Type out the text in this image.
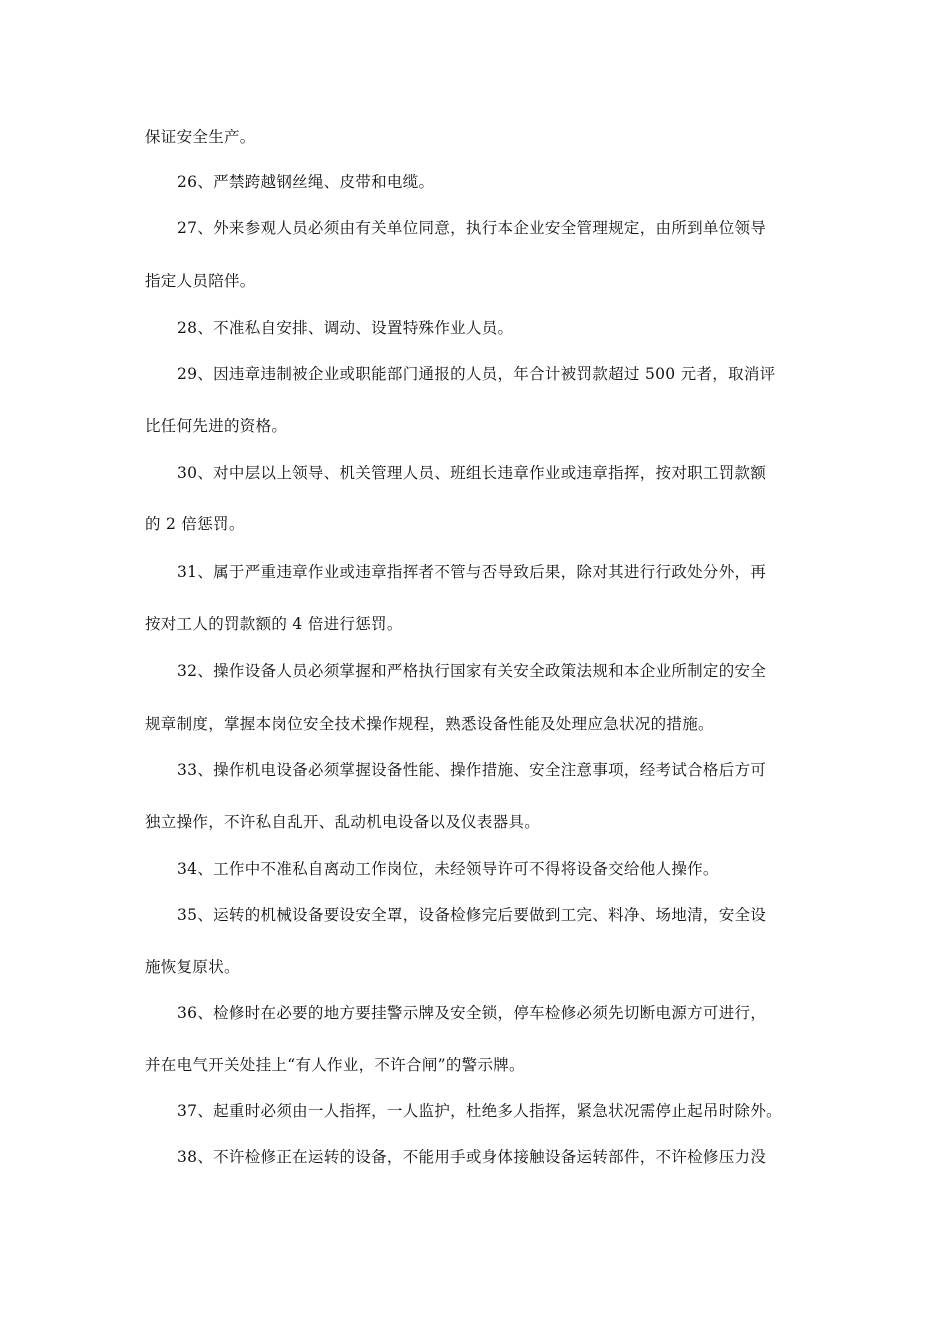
保证安全生产。
26、严禁跨越钢丝绳、皮带和电缆。
27、外来参观人员必须由有关单位同意，执行本企业安全管理规定，由所到单位领导
指定人员陪伴。
28、不准私自安排、调动、设置特殊作业人员。
29、因违章违制被企业或职能部门通报的人员，年合计被罚款超过 500 元者，取消评
比任何先进的资格。
30、对中层以上领导、机关管理人员、班组长违章作业或违章指挥，按对职工罚款额
的 2 倍惩罚。
31、属于严重违章作业或违章指挥者不管与否导致后果，除对其进行行政处分外，再
按对工人的罚款额的 4 倍进行惩罚。
32、操作设备人员必须掌握和严格执行国家有关安全政策法规和本企业所制定的安全
规章制度，掌握本岗位安全技术操作规程，熟悉设备性能及处理应急状况的措施。
33、操作机电设备必须掌握设备性能、操作措施、安全注意事项，经考试合格后方可
独立操作，不许私自乱开、乱动机电设备以及仪表器具。
34、工作中不准私自离动工作岗位，未经领导许可不得将设备交给他人操作。
35、运转的机械设备要设安全罩，设备检修完后要做到工完、料净、场地清，安全设
施恢复原状。
36、检修时在必要的地方要挂警示牌及安全锁，停车检修必须先切断电源方可进行，
并在电气开关处挂上“有人作业，不许合闸”的警示牌。
37、起重时必须由一人指挥，一人监护，杜绝多人指挥，紧急状况需停止起吊时除外。
38、不许检修正在运转的设备，不能用手或身体接触设备运转部件，不许检修压力没
